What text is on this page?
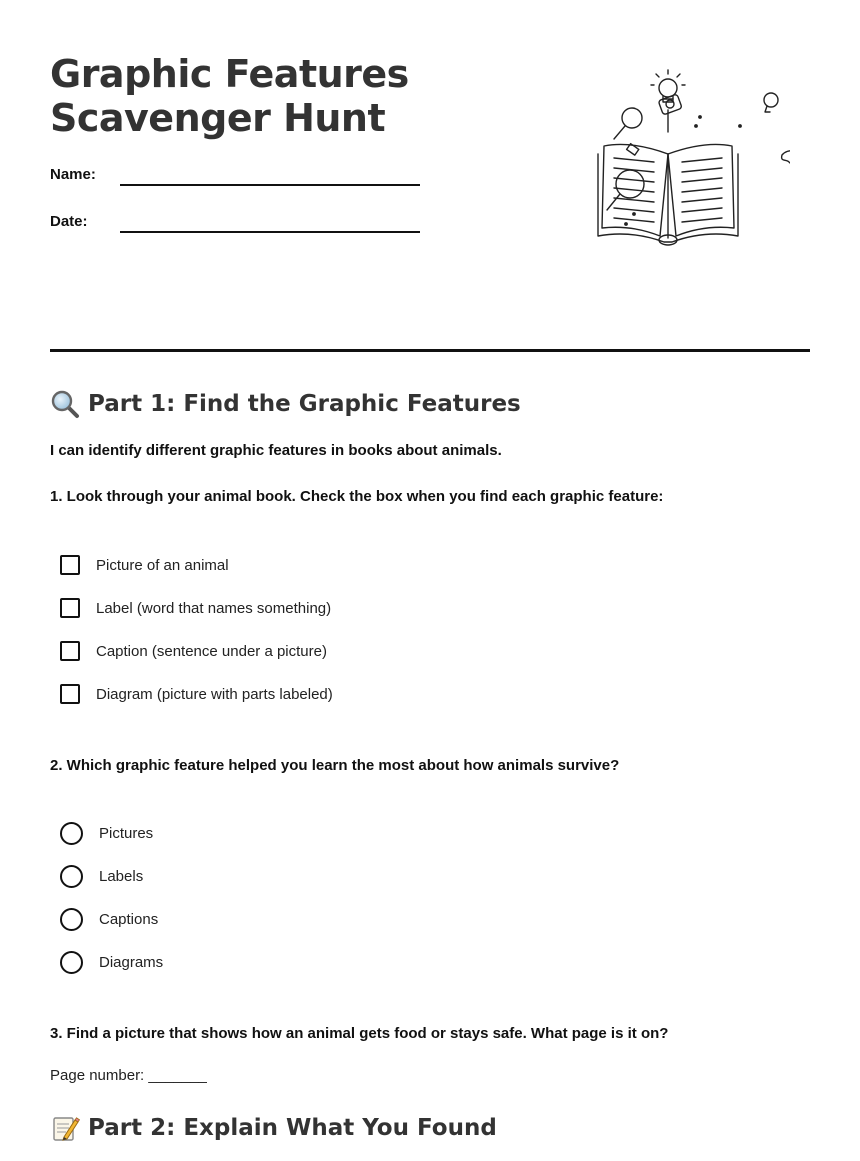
Graphic Features
Scavenger Hunt
Name:
Date:
Part 1: Find the Graphic Features
I can identify different graphic features in books about animals.
1. Look through your animal book. Check the box when you find each graphic feature:
Picture of an animal
Label (word that names something)
Caption (sentence under a picture)
Diagram (picture with parts labeled)
2. Which graphic feature helped you learn the most about how animals survive?
Pictures
Labels
Captions
Diagrams
3. Find a picture that shows how an animal gets food or stays safe. What page is it on?
Page number: _______
Part 2: Explain What You Found
